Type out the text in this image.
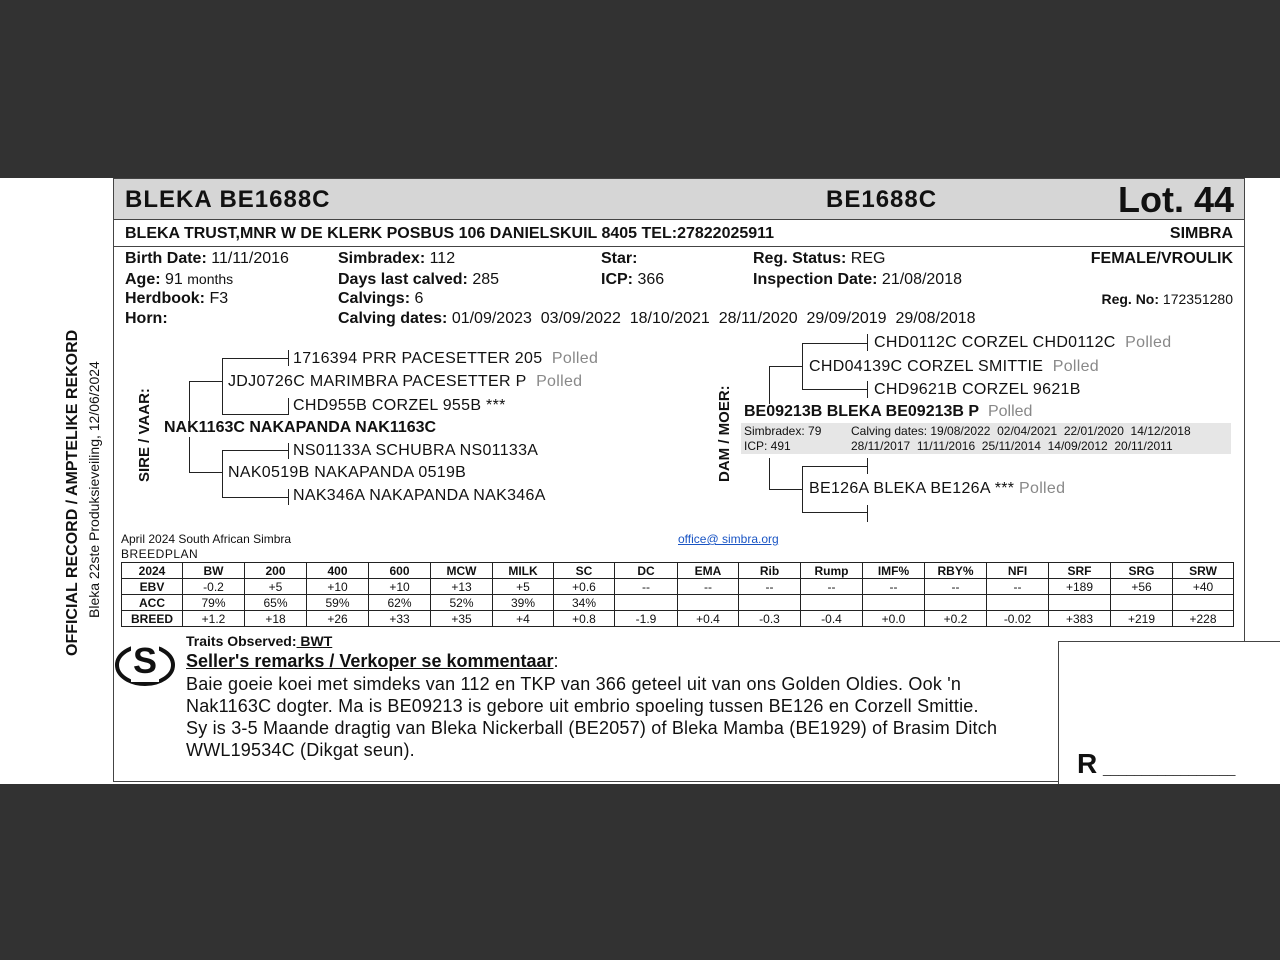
BLEKA BE1688C	BE1688C	Lot. 44
BLEKA TRUST,MNR W DE KLERK POSBUS 106 DANIELSKUIL 8405 TEL:27822025911	SIMBRA
Birth Date: 11/11/2016
Age: 91 months
Herdbook: F3
Horn:
Simbradex: 112
Days last calved: 285
Calvings: 6
Calving dates: 01/09/2023  03/09/2022  18/10/2021  28/11/2020  29/09/2019  29/08/2018
Star:
ICP: 366
Reg. Status: REG
Inspection Date: 21/08/2018
FEMALE/VROULIK
Reg. No: 172351280
OFFICIAL RECORD / AMPTELIKE REKORD Bleka 22ste Produksieveiling, 12/06/2024 SIRE / VAAR:	DAM / MOER:
1716394 PRR PACESETTER 205 Polled
JDJ0726C MARIMBRA PACESETTER P Polled
CHD955B CORZEL 955B ***
NAK1163C NAKAPANDA NAK1163C
NS01133A SCHUBRA NS01133A
NAK0519B NAKAPANDA 0519B
NAK346A NAKAPANDA NAK346A
CHD0112C CORZEL CHD0112C Polled
CHD04139C CORZEL SMITTIE Polled
CHD9621B CORZEL 9621B
BE09213B BLEKA BE09213B P Polled
Simbradex: 79
ICP: 491
Calving dates: 19/08/2022  02/04/2021  22/01/2020  14/12/2018
28/11/2017  11/11/2016  25/11/2014  14/09/2012  20/11/2011
BE126A BLEKA BE126A *** Polled
April 2024 South African Simbra
BREEDPLAN
office@ simbra.org
2024	BW	200	400	600	MCW	MILK	SC	DC	EMA	Rib	Rump	IMF%	RBY%	NFI	SRF	SRG	SRW
EBV	-0.2	+5	+10	+10	+13	+5	+0.6	--	--	--	--	--	--	--	+189	+56	+40
ACC	79%	65%	59%	62%	52%	39%	34%										
BREED	+1.2	+18	+26	+33	+35	+4	+0.8	-1.9	+0.4	-0.3	-0.4	+0.0	+0.2	-0.02	+383	+219	+228
S Traits Observed: BWT
Seller's remarks / Verkoper se kommentaar:
Baie goeie koei met simdeks van 112 en TKP van 366 geteel uit van ons Golden Oldies. Ook 'n
Nak1163C dogter. Ma is BE09213 is gebore uit embrio spoeling tussen BE126 en Corzell Smittie.
Sy is 3-5 Maande dragtig van Bleka Nickerball (BE2057) of Bleka Mamba (BE1929) of Brasim Ditch
WWL19534C (Dikgat seun).	R _________________
